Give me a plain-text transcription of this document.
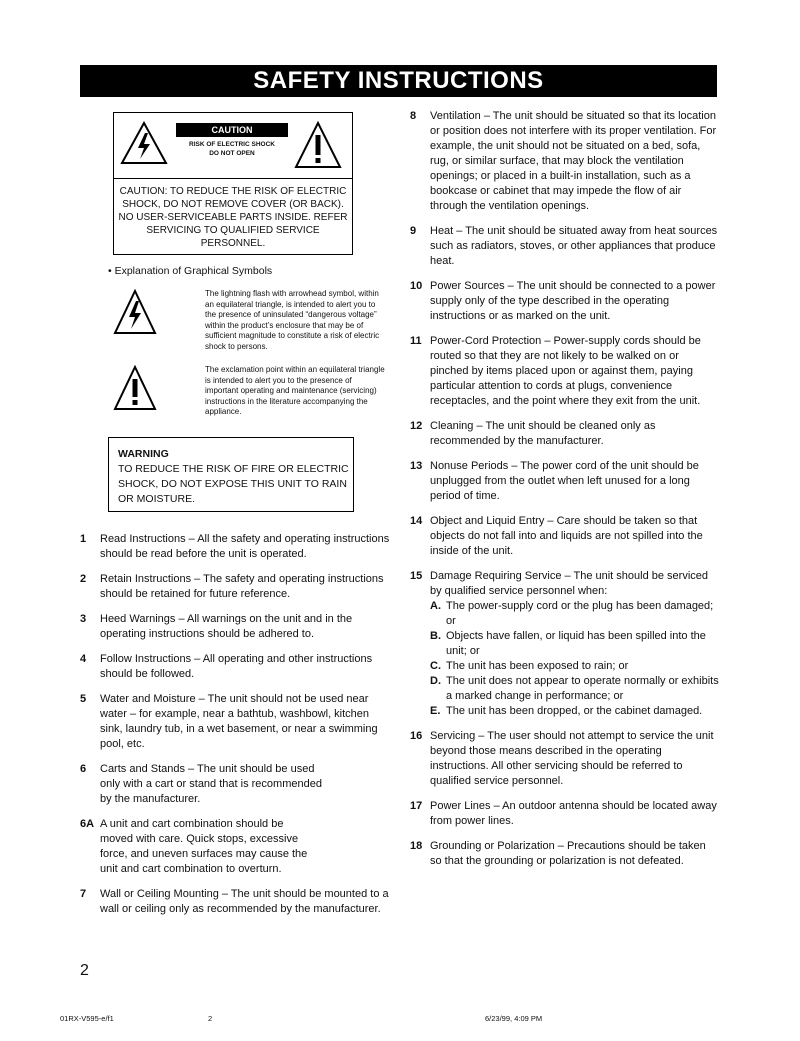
SAFETY INSTRUCTIONS
CAUTION
RISK OF ELECTRIC SHOCK
DO NOT OPEN
CAUTION: TO REDUCE THE RISK OF ELECTRIC SHOCK, DO NOT REMOVE COVER (OR BACK). NO USER-SERVICEABLE PARTS INSIDE. REFER SERVICING TO QUALIFIED SERVICE PERSONNEL.
• Explanation of Graphical Symbols
The lightning flash with arrowhead symbol, within an equilateral triangle, is intended to alert you to the presence of uninsulated “dangerous voltage” within the product’s enclosure that may be of sufficient magnitude to constitute a risk of electric shock to persons.
The exclamation point within an equilateral triangle is intended to alert you to the presence of important operating and maintenance (servicing) instructions in the literature accompanying the appliance.
WARNING
TO REDUCE THE RISK OF FIRE OR ELECTRIC SHOCK, DO NOT EXPOSE THIS UNIT TO RAIN OR MOISTURE.
1 Read Instructions – All the safety and operating instructions should be read before the unit is operated.
2 Retain Instructions – The safety and operating instructions should be retained for future reference.
3 Heed Warnings – All warnings on the unit and in the operating instructions should be adhered to.
4 Follow Instructions – All operating and other instructions should be followed.
5 Water and Moisture – The unit should not be used near water – for example, near a bathtub, washbowl, kitchen sink, laundry tub, in a wet basement, or near a swimming pool, etc.
6 Carts and Stands – The unit should be used only with a cart or stand that is recommended by the manufacturer.
6A A unit and cart combination should be moved with care. Quick stops, excessive force, and uneven surfaces may cause the unit and cart combination to overturn.
7 Wall or Ceiling Mounting – The unit should be mounted to a wall or ceiling only as recommended by the manufacturer.
8 Ventilation – The unit should be situated so that its location or position does not interfere with its proper ventilation. For example, the unit should not be situated on a bed, sofa, rug, or similar surface, that may block the ventilation openings; or placed in a built-in installation, such as a bookcase or cabinet that may impede the flow of air through the ventilation openings.
9 Heat – The unit should be situated away from heat sources such as radiators, stoves, or other appliances that produce heat.
10 Power Sources – The unit should be connected to a power supply only of the type described in the operating instructions or as marked on the unit.
11 Power-Cord Protection – Power-supply cords should be routed so that they are not likely to be walked on or pinched by items placed upon or against them, paying particular attention to cords at plugs, convenience receptacles, and the point where they exit from the unit.
12 Cleaning – The unit should be cleaned only as recommended by the manufacturer.
13 Nonuse Periods – The power cord of the unit should be unplugged from the outlet when left unused for a long period of time.
14 Object and Liquid Entry – Care should be taken so that objects do not fall into and liquids are not spilled into the inside of the unit.
15 Damage Requiring Service – The unit should be serviced by qualified service personnel when:
A. The power-supply cord or the plug has been damaged; or
B. Objects have fallen, or liquid has been spilled into the unit; or
C. The unit has been exposed to rain; or
D. The unit does not appear to operate normally or exhibits a marked change in performance; or
E. The unit has been dropped, or the cabinet damaged.
16 Servicing – The user should not attempt to service the unit beyond those means described in the operating instructions. All other servicing should be referred to qualified service personnel.
17 Power Lines – An outdoor antenna should be located away from power lines.
18 Grounding or Polarization – Precautions should be taken so that the grounding or polarization is not defeated.
2
01RX-V595-e/f1	2	6/23/99, 4:09 PM
